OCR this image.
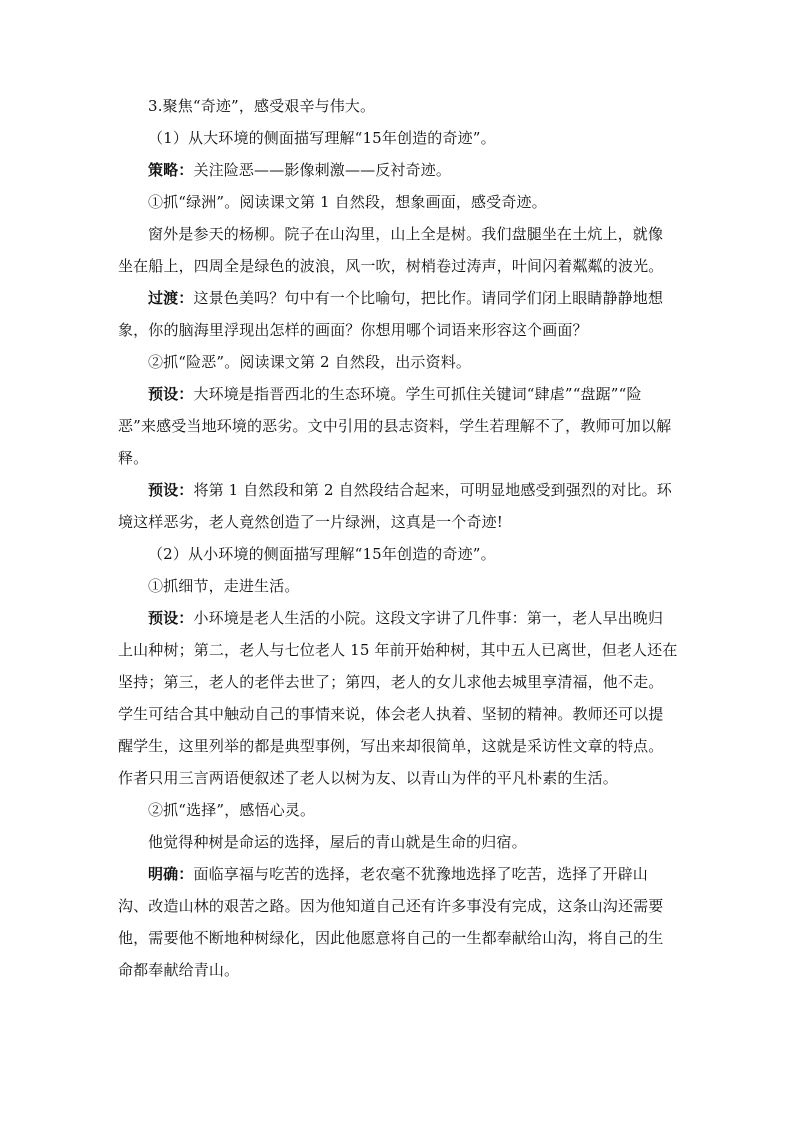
3.聚焦“奇迹”，感受艰辛与伟大。

（1）从大环境的侧面描写理解“15年创造的奇迹”。

策略：关注险恶——影像刺激——反衬奇迹。

①抓“绿洲”。阅读课文第 1 自然段，想象画面，感受奇迹。

窗外是参天的杨柳。院子在山沟里，山上全是树。我们盘腿坐在土炕上，就像坐在船上，四周全是绿色的波浪，风一吹，树梢卷过涛声，叶间闪着粼粼的波光。

过渡：这景色美吗？句中有一个比喻句，把比作。请同学们闭上眼睛静静地想象，你的脑海里浮现出怎样的画面？你想用哪个词语来形容这个画面？

②抓“险恶”。阅读课文第 2 自然段，出示资料。

预设：大环境是指晋西北的生态环境。学生可抓住关键词“肆虐”“盘踞”“险恶”来感受当地环境的恶劣。文中引用的县志资料，学生若理解不了，教师可加以解释。

预设：将第 1 自然段和第 2 自然段结合起来，可明显地感受到强烈的对比。环境这样恶劣，老人竟然创造了一片绿洲，这真是一个奇迹!

（2）从小环境的侧面描写理解“15年创造的奇迹”。

①抓细节，走进生活。

预设：小环境是老人生活的小院。这段文字讲了几件事：第一，老人早出晚归上山种树；第二，老人与七位老人 15 年前开始种树，其中五人已离世，但老人还在坚持；第三，老人的老伴去世了；第四，老人的女儿求他去城里享清福，他不走。学生可结合其中触动自己的事情来说，体会老人执着、坚韧的精神。教师还可以提醒学生，这里列举的都是典型事例，写出来却很简单，这就是采访性文章的特点。作者只用三言两语便叙述了老人以树为友、以青山为伴的平凡朴素的生活。

②抓“选择”，感悟心灵。

他觉得种树是命运的选择，屋后的青山就是生命的归宿。

明确：面临享福与吃苦的选择，老农毫不犹豫地选择了吃苦，选择了开辟山沟、改造山林的艰苦之路。因为他知道自己还有许多事没有完成，这条山沟还需要他，需要他不断地种树绿化，因此他愿意将自己的一生都奉献给山沟，将自己的生命都奉献给青山。
